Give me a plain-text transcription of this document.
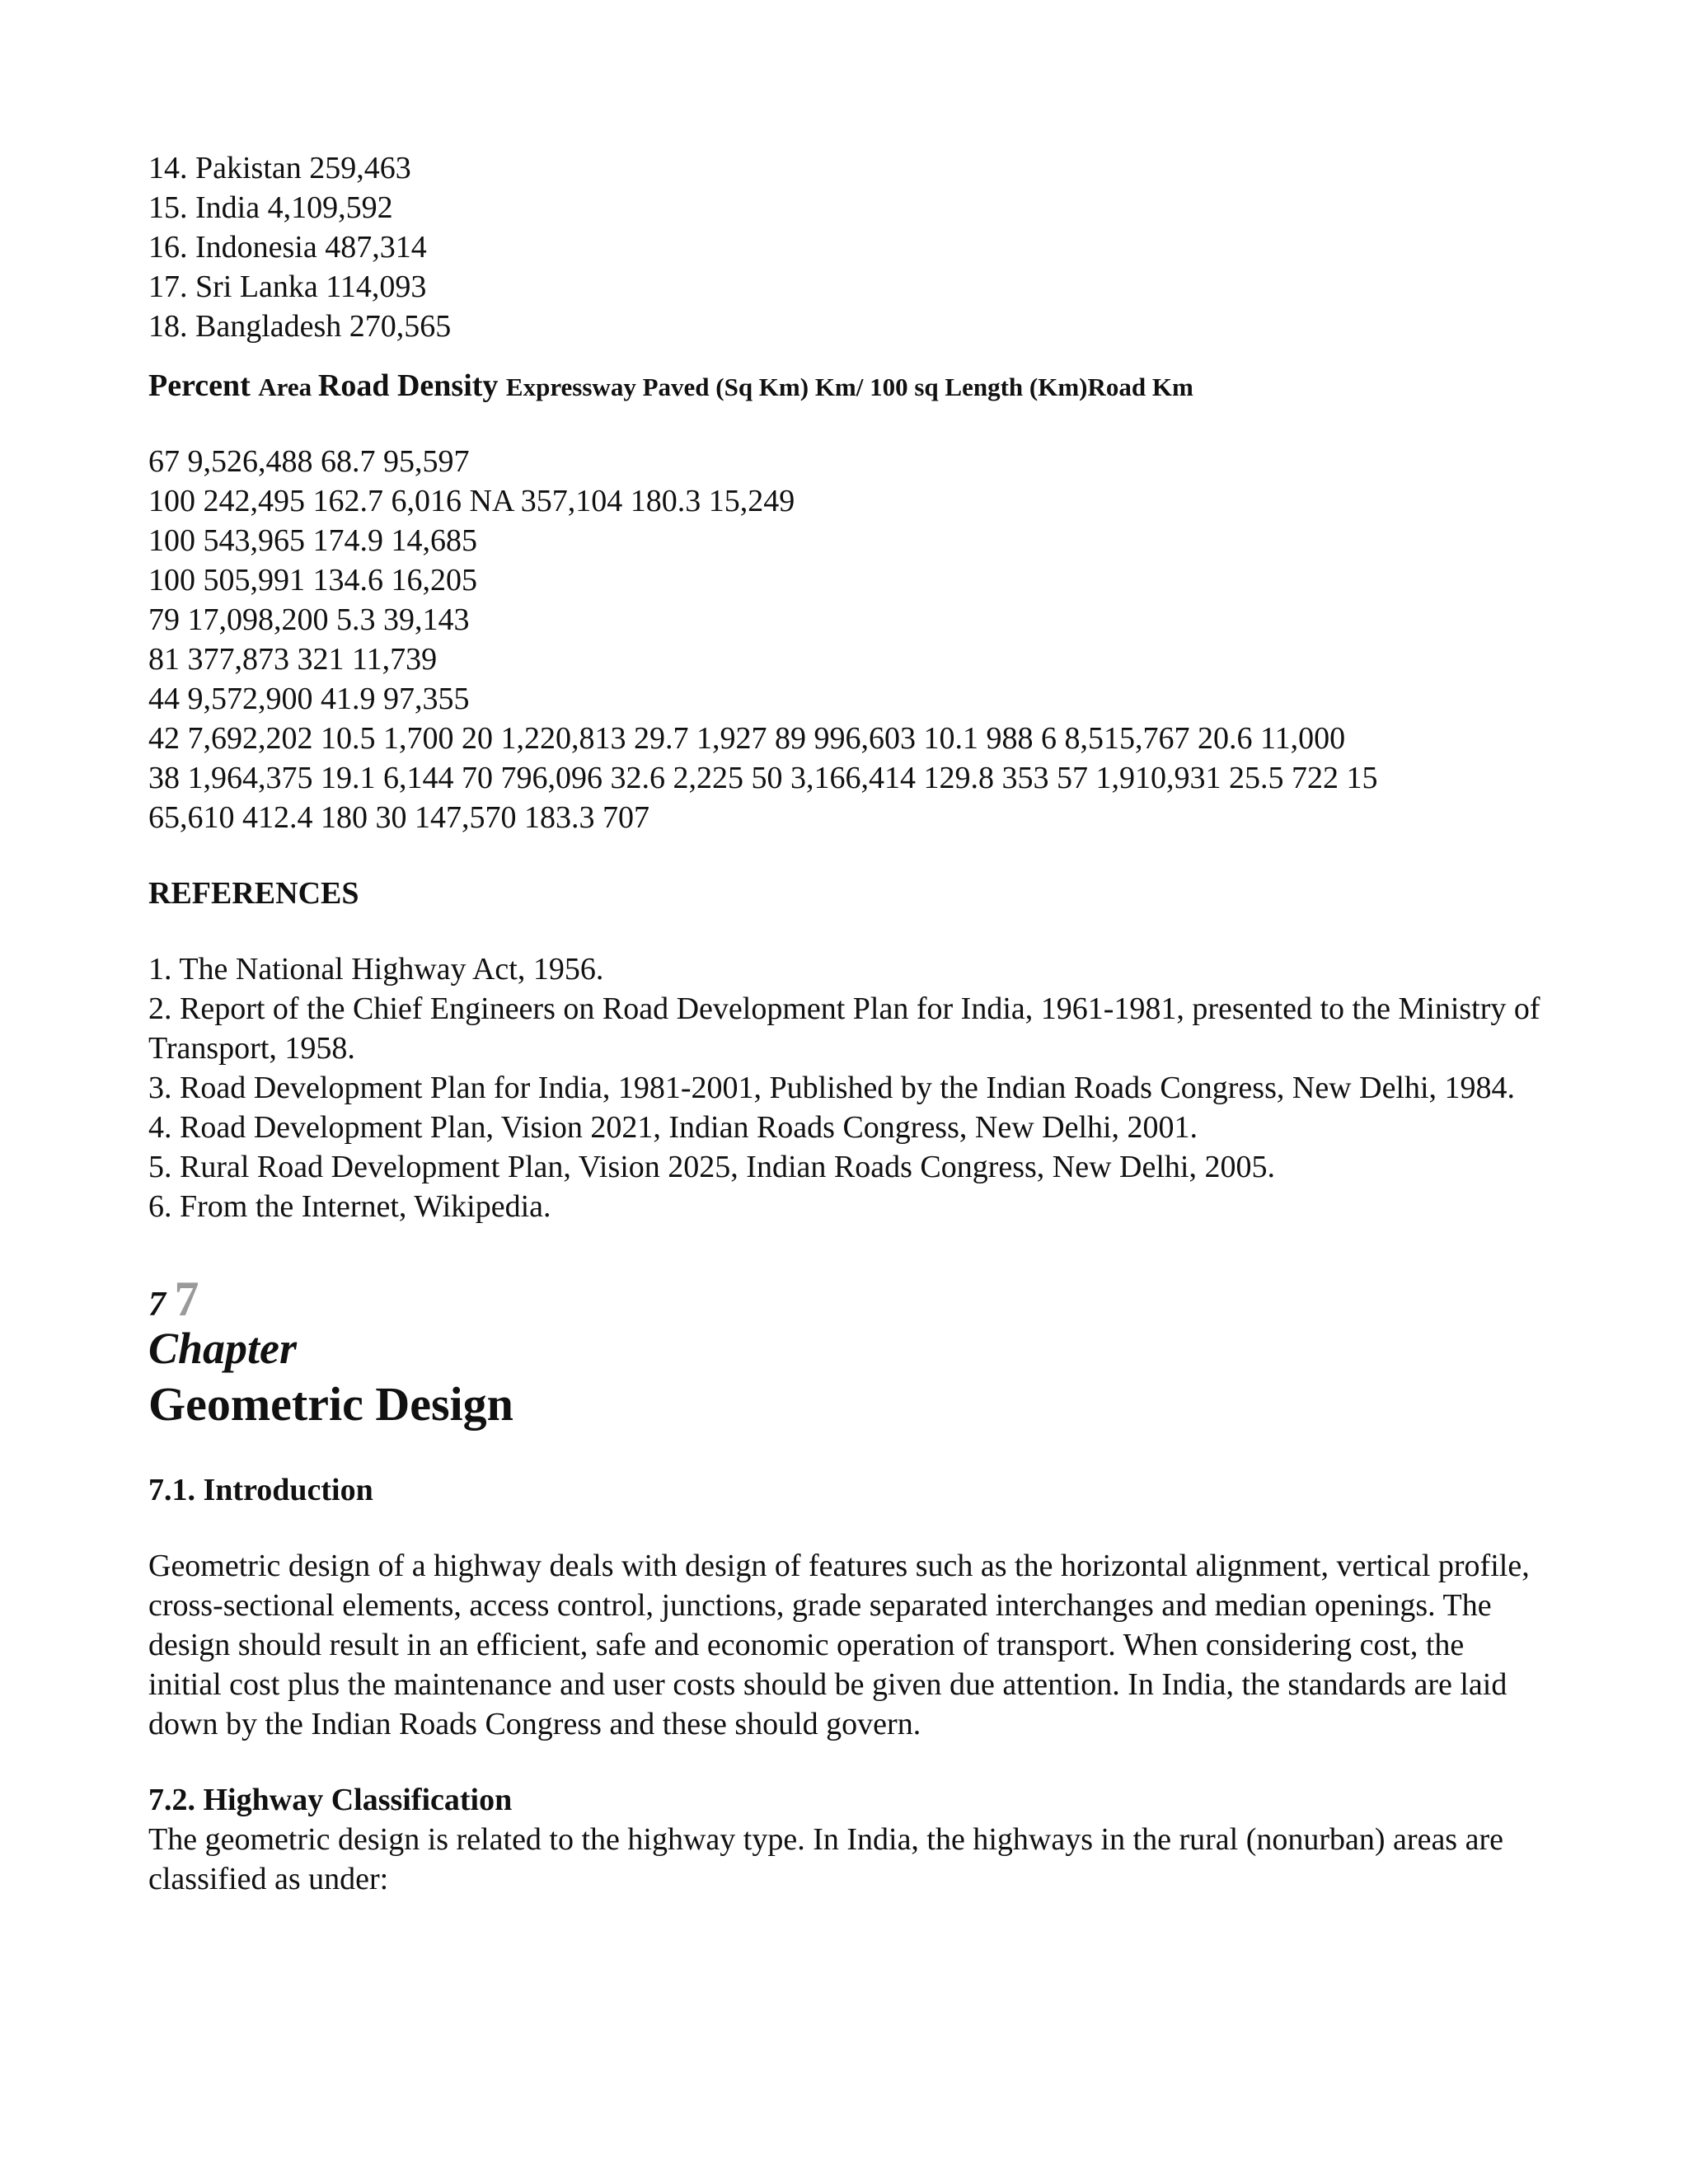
14. Pakistan 259,463
15. India 4,109,592
16. Indonesia 487,314
17. Sri Lanka 114,093
18. Bangladesh 270,565
Percent Area Road Density Expressway Paved (Sq Km) Km/ 100 sq Length (Km)Road Km
67 9,526,488 68.7 95,597
100 242,495 162.7 6,016 NA 357,104 180.3 15,249
100 543,965 174.9 14,685
100 505,991 134.6 16,205
79 17,098,200 5.3 39,143
81 377,873 321 11,739
44 9,572,900 41.9 97,355
42 7,692,202 10.5 1,700 20 1,220,813 29.7 1,927 89 996,603 10.1 988 6 8,515,767 20.6 11,000
38 1,964,375 19.1 6,144 70 796,096 32.6 2,225 50 3,166,414 129.8 353 57 1,910,931 25.5 722 15
65,610 412.4 180 30 147,570 183.3 707
REFERENCES
1. The National Highway Act, 1956.
2. Report of the Chief Engineers on Road Development Plan for India, 1961-1981, presented to the Ministry of Transport, 1958.
3. Road Development Plan for India, 1981-2001, Published by the Indian Roads Congress, New Delhi, 1984.
4. Road Development Plan, Vision 2021, Indian Roads Congress, New Delhi, 2001.
5. Rural Road Development Plan, Vision 2025, Indian Roads Congress, New Delhi, 2005.
6. From the Internet, Wikipedia.
7 7
Chapter
Geometric Design
7.1. Introduction
Geometric design of a highway deals with design of features such as the horizontal alignment, vertical profile, cross-sectional elements, access control, junctions, grade separated interchanges and median openings. The design should result in an efficient, safe and economic operation of transport. When considering cost, the initial cost plus the maintenance and user costs should be given due attention. In India, the standards are laid down by the Indian Roads Congress and these should govern.
7.2. Highway Classification
The geometric design is related to the highway type. In India, the highways in the rural (nonurban) areas are classified as under:
